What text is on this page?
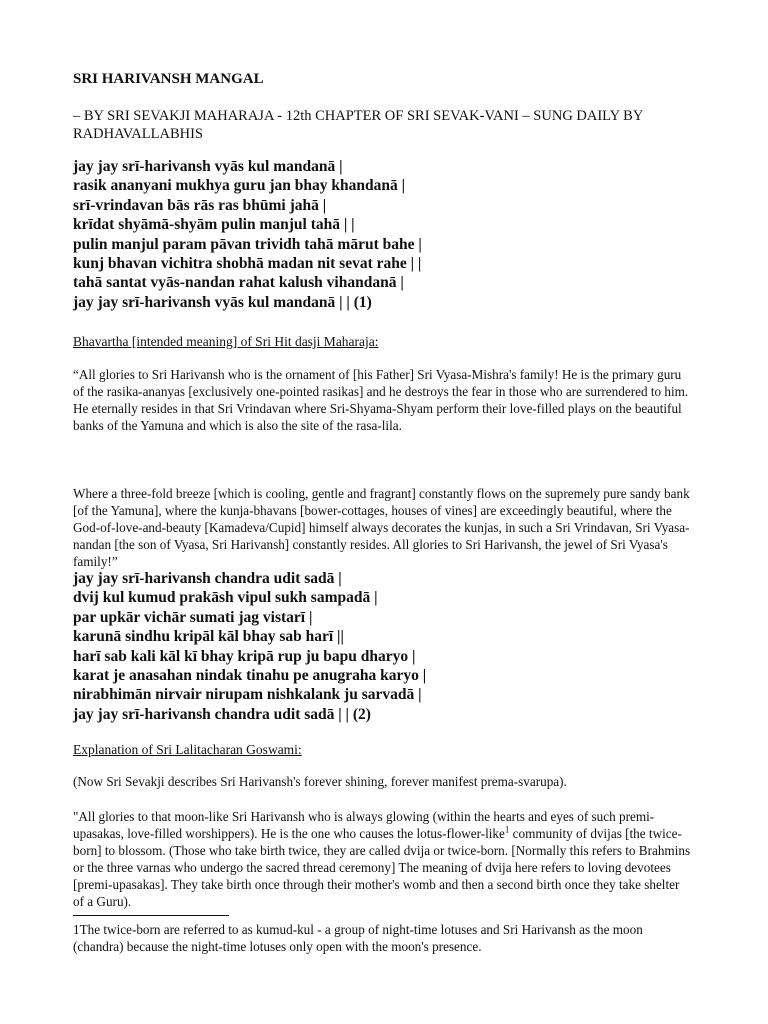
SRI HARIVANSH MANGAL
– BY SRI SEVAKJI MAHARAJA - 12th CHAPTER OF SRI SEVAK-VANI – SUNG DAILY BY RADHAVALLABHIS
jay jay srī-harivansh vyās kul mandanā |
rasik ananyani mukhya guru jan bhay khandanā |
srī-vrindavan bās rās ras bhūmi jahā |
krīdat shyāmā-shyām pulin manjul tahā | |
pulin manjul param pāvan trividh tahā mārut bahe |
kunj bhavan vichitra shobhā madan nit sevat rahe | |
tahā santat vyās-nandan rahat kalush vihandanā |
jay jay srī-harivansh vyās kul mandanā | | (1)
Bhavartha [intended meaning] of Sri Hit dasji Maharaja:
“All glories to Sri Harivansh who is the ornament of [his Father] Sri Vyasa-Mishra's family! He is the primary guru of the rasika-ananyas [exclusively one-pointed rasikas] and he destroys the fear in those who are surrendered to him. He eternally resides in that Sri Vrindavan where Sri-Shyama-Shyam perform their love-filled plays on the beautiful banks of the Yamuna and which is also the site of the rasa-lila.
Where a three-fold breeze [which is cooling, gentle and fragrant] constantly flows on the supremely pure sandy bank [of the Yamuna], where the kunja-bhavans [bower-cottages, houses of vines] are exceedingly beautiful, where the God-of-love-and-beauty [Kamadeva/Cupid] himself always decorates the kunjas, in such a Sri Vrindavan, Sri Vyasa-nandan [the son of Vyasa, Sri Harivansh] constantly resides. All glories to Sri Harivansh, the jewel of Sri Vyasa's family!”
jay jay srī-harivansh chandra udit sadā |
dvij kul kumud prakāsh vipul sukh sampadā |
par upkār vichār sumati jag vistarī |
karunā sindhu kripāl kāl bhay sab harī ||
harī sab kali kāl kī bhay kripā rup ju bapu dharyo |
karat je anasahan nindak tinahu pe anugraha karyo |
nirabhimān nirvair nirupam nishkalank ju sarvadā |
jay jay srī-harivansh chandra udit sadā | | (2)
Explanation of Sri Lalitacharan Goswami:
(Now Sri Sevakji describes Sri Harivansh's forever shining, forever manifest prema-svarupa).
"All glories to that moon-like Sri Harivansh who is always glowing (within the hearts and eyes of such premi-upasakas, love-filled worshippers). He is the one who causes the lotus-flower-like$^1$ community of dvijas [the twice-born] to blossom. (Those who take birth twice, they are called dvija or twice-born. [Normally this refers to Brahmins or the three varnas who undergo the sacred thread ceremony] The meaning of dvija here refers to loving devotees [premi-upasakas]. They take birth once through their mother's womb and then a second birth once they take shelter of a Guru).
1The twice-born are referred to as kumud-kul - a group of night-time lotuses and Sri Harivansh as the moon (chandra) because the night-time lotuses only open with the moon's presence.
